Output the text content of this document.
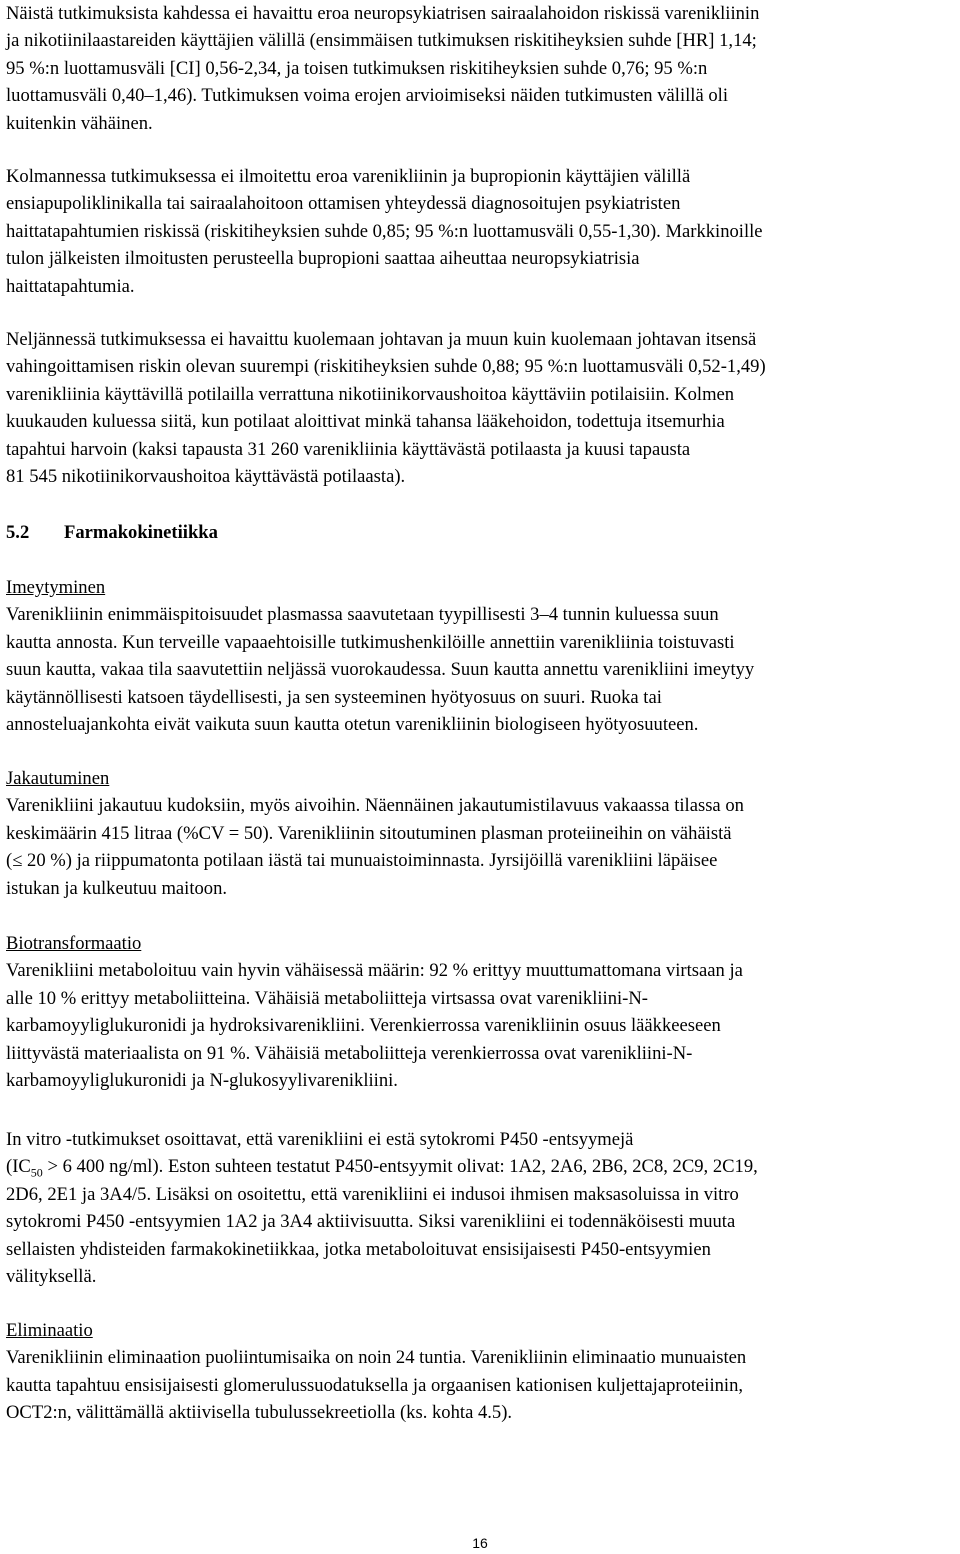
Näistä tutkimuksista kahdessa ei havaittu eroa neuropsykiatrisen sairaalahoidon riskissä varenikliinin
ja nikotiinilaastareiden käyttäjien välillä (ensimmäisen tutkimuksen riskitiheyksien suhde [HR] 1,14;
95 %:n luottamusväli [CI] 0,56-2,34, ja toisen tutkimuksen riskitiheyksien suhde 0,76; 95 %:n
luottamusväli 0,40–1,46). Tutkimuksen voima erojen arvioimiseksi näiden tutkimusten välillä oli
kuitenkin vähäinen.
Kolmannessa tutkimuksessa ei ilmoitettu eroa varenikliinin ja bupropionin käyttäjien välillä
ensiapupoliklinikalla tai sairaalahoitoon ottamisen yhteydessä diagnosoitujen psykiatristen
haittatapahtumien riskissä (riskitiheyksien suhde 0,85; 95 %:n luottamusväli 0,55-1,30). Markkinoille
tulon jälkeisten ilmoitusten perusteella bupropioni saattaa aiheuttaa neuropsykiatrisia
haittatapahtumia.
Neljännessä tutkimuksessa ei havaittu kuolemaan johtavan ja muun kuin kuolemaan johtavan itsensä
vahingoittamisen riskin olevan suurempi (riskitiheyksien suhde 0,88; 95 %:n luottamusväli 0,52-1,49)
varenikliinia käyttävillä potilailla verrattuna nikotiinikorvaushoitoa käyttäviin potilaisiin. Kolmen
kuukauden kuluessa siitä, kun potilaat aloittivat minkä tahansa lääkehoidon, todettuja itsemurhia
tapahtui harvoin (kaksi tapausta 31 260 varenikliinia käyttävästä potilaasta ja kuusi tapausta
81 545 nikotiinikorvaushoitoa käyttävästä potilaasta).
5.2 Farmakokinetiikka
Imeytyminen
Varenikliinin enimmäispitoisuudet plasmassa saavutetaan tyypillisesti 3–4 tunnin kuluessa suun
kautta annosta. Kun terveille vapaaehtoisille tutkimushenkilöille annettiin varenikliinia toistuvasti
suun kautta, vakaa tila saavutettiin neljässä vuorokaudessa. Suun kautta annettu varenikliini imeytyy
käytännöllisesti katsoen täydellisesti, ja sen systeeminen hyötyosuus on suuri. Ruoka tai
annosteluajankohta eivät vaikuta suun kautta otetun varenikliinin biologiseen hyötyosuuteen.
Jakautuminen
Varenikliini jakautuu kudoksiin, myös aivoihin. Näennäinen jakautumistilavuus vakaassa tilassa on
keskimäärin 415 litraa (%CV = 50). Varenikliinin sitoutuminen plasman proteiineihin on vähäistä
(≤ 20 %) ja riippumatonta potilaan iästä tai munuaistoiminnasta. Jyrsijöillä varenikliini läpäisee
istukan ja kulkeutuu maitoon.
Biotransformaatio
Varenikliini metaboloituu vain hyvin vähäisessä määrin: 92 % erittyy muuttumattomana virtsaan ja
alle 10 % erittyy metaboliitteina. Vähäisiä metaboliitteja virtsassa ovat varenikliini-N-
karbamoyyliglukuronidi ja hydroksivarenikliini. Verenkierrossa varenikliinin osuus lääkkeeseen
liittyvästä materiaalista on 91 %. Vähäisiä metaboliitteja verenkierrossa ovat varenikliini-N-
karbamoyyliglukuronidi ja N-glukosyylivarenikliini.
In vitro -tutkimukset osoittavat, että varenikliini ei estä sytokromi P450 -entsyymejä
($IC_{50} > 6$ 400 ng/ml). Eston suhteen testatut P450-entsyymit olivat: 1A2, 2A6, 2B6, 2C8, 2C9, 2C19,
2D6, 2E1 ja 3A4/5. Lisäksi on osoitettu, että varenikliini ei indusoi ihmisen maksasoluissa in vitro
sytokromi P450 -entsyymien 1A2 ja 3A4 aktiivisuutta. Siksi varenikliini ei todennäköisesti muuta
sellaisten yhdisteiden farmakokinetiikkaa, jotka metaboloituvat ensisijaisesti P450-entsyymien
välityksellä.
Eliminaatio
Varenikliinin eliminaation puoliintumisaika on noin 24 tuntia. Varenikliinin eliminaatio munuaisten
kautta tapahtuu ensisijaisesti glomerulussuodatuksella ja orgaanisen kationisen kuljettajaproteiinin,
OCT2:n, välittämällä aktiivisella tubulussekreetiolla (ks. kohta 4.5).
16
